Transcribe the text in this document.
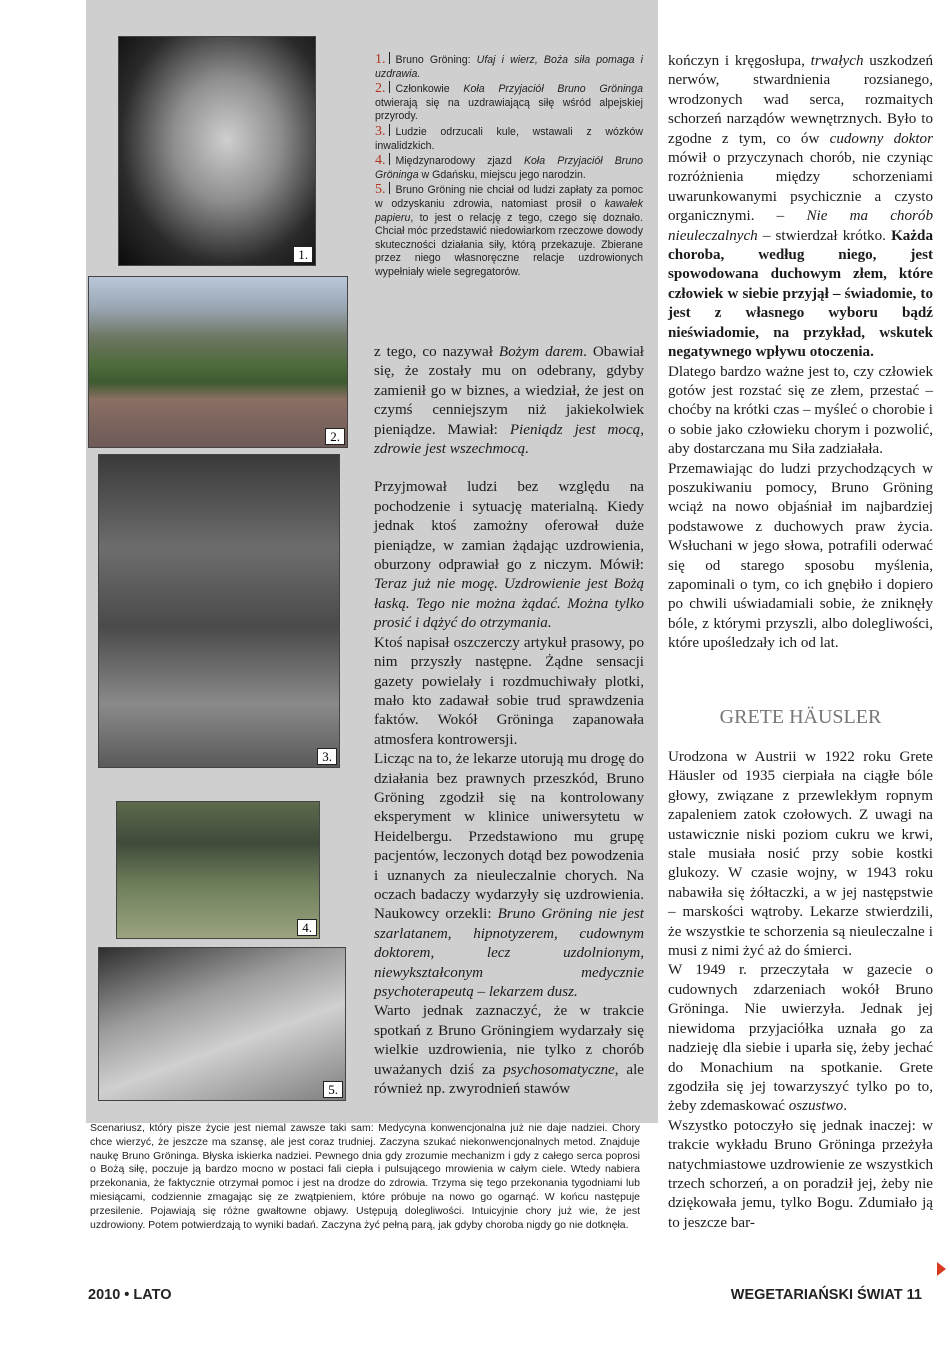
1.
2.
3.
4.
5.

1. Bruno Gröning: Ufaj i wierz, Boża siła pomaga i uzdrawia.

2. Członkowie Koła Przyjaciół Bruno Gröninga otwierają się na uzdrawiającą siłę wśród alpejskiej przyrody.

3. Ludzie odrzucali kule, wstawali z wózków inwalidzkich.

4. Międzynarodowy zjazd Koła Przyjaciół Bruno Gröninga w Gdańsku, miejscu jego narodzin.

5. Bruno Gröning nie chciał od ludzi zapłaty za pomoc w odzyskaniu zdrowia, natomiast prosił o kawałek papieru, to jest o relację z tego, czego się doznało. Chciał móc przedstawić niedowiarkom rzeczowe dowody skuteczności działania siły, którą przekazuje. Zbierane przez niego własnoręczne relacje uzdrowionych wypełniały wiele segregatorów.

z tego, co nazywał Bożym darem. Obawiał się, że zostały mu on odebrany, gdyby zamienił go w biznes, a wiedział, że jest on czymś cenniejszym niż jakiekolwiek pieniądze. Mawiał: Pieniądz jest mocą, zdrowie jest wszechmocą.

Przyjmował ludzi bez względu na pochodzenie i sytuację materialną. Kiedy jednak ktoś zamożny oferował duże pieniądze, w zamian żądając uzdrowienia, oburzony odprawiał go z niczym. Mówił: Teraz już nie mogę. Uzdrowienie jest Bożą łaską. Tego nie można żądać. Można tylko prosić i dążyć do otrzymania.

Ktoś napisał oszczerczy artykuł prasowy, po nim przyszły następne. Żądne sensacji gazety powielały i rozdmuchiwały plotki, mało kto zadawał sobie trud sprawdzenia faktów. Wokół Gröninga zapanowała atmosfera kontrowersji.

Licząc na to, że lekarze utorują mu drogę do działania bez prawnych przeszkód, Bruno Gröning zgodził się na kontrolowany eksperyment w klinice uniwersytetu w Heidelbergu. Przedstawiono mu grupę pacjentów, leczonych dotąd bez powodzenia i uznanych za nieuleczalnie chorych. Na oczach badaczy wydarzyły się uzdrowienia. Naukowcy orzekli: Bruno Gröning nie jest szarlatanem, hipnotyzerem, cudownym doktorem, lecz uzdolnionym, niewykształconym medycznie psychoterapeutą – lekarzem dusz.

Warto jednak zaznaczyć, że w trakcie spotkań z Bruno Gröningiem wydarzały się wielkie uzdrowienia, nie tylko z chorób uważanych dziś za psychosomatyczne, ale również np. zwyrodnień stawów

kończyn i kręgosłupa, trwałych uszkodzeń nerwów, stwardnienia rozsianego, wrodzonych wad serca, rozmaitych schorzeń narządów wewnętrznych. Było to zgodne z tym, co ów cudowny doktor mówił o przyczynach chorób, nie czyniąc rozróżnienia między schorzeniami uwarunkowanymi psychicznie a czysto organicznymi. – Nie ma chorób nieuleczalnych – stwierdzał krótko. Każda choroba, według niego, jest spowodowana duchowym złem, które człowiek w siebie przyjął – świadomie, to jest z własnego wyboru bądź nieświadomie, na przykład, wskutek negatywnego wpływu otoczenia.

Dlatego bardzo ważne jest to, czy człowiek gotów jest rozstać się ze złem, przestać – choćby na krótki czas – myśleć o chorobie i o sobie jako człowieku chorym i pozwolić, aby dostarczana mu Siła zadziałała.

Przemawiając do ludzi przychodzących w poszukiwaniu pomocy, Bruno Gröning wciąż na nowo objaśniał im najbardziej podstawowe z duchowych praw życia. Wsłuchani w jego słowa, potrafili oderwać się od starego sposobu myślenia, zapominali o tym, co ich gnębiło i dopiero po chwili uświadamiali sobie, że zniknęły bóle, z którymi przyszli, albo dolegliwości, które upośledzały ich od lat.

GRETE HÄUSLER

Urodzona w Austrii w 1922 roku Grete Häusler od 1935 cierpiała na ciągłe bóle głowy, związane z przewlekłym ropnym zapaleniem zatok czołowych. Z uwagi na ustawicznie niski poziom cukru we krwi, stale musiała nosić przy sobie kostki glukozy. W czasie wojny, w 1943 roku nabawiła się żółtaczki, a w jej następstwie – marskości wątroby. Lekarze stwierdzili, że wszystkie te schorzenia są nieuleczalne i musi z nimi żyć aż do śmierci.

W 1949 r. przeczytała w gazecie o cudownych zdarzeniach wokół Bruno Gröninga. Nie uwierzyła. Jednak jej niewidoma przyjaciółka uznała go za nadzieję dla siebie i uparła się, żeby jechać do Monachium na spotkanie. Grete zgodziła się jej towarzyszyć tylko po to, żeby zdemaskować oszustwo.

Wszystko potoczyło się jednak inaczej: w trakcie wykładu Bruno Gröninga przeżyła natychmiastowe uzdrowienie ze wszystkich trzech schorzeń, a on poradził jej, żeby nie dziękowała jemu, tylko Bogu. Zdumiało ją to jeszcze bar-

Scenariusz, który pisze życie jest niemal zawsze taki sam: Medycyna konwencjonalna już nie daje nadziei. Chory chce wierzyć, że jeszcze ma szansę, ale jest coraz trudniej. Zaczyna szukać niekonwencjonalnych metod. Znajduje naukę Bruno Gröninga. Błyska iskierka nadziei. Pewnego dnia gdy zrozumie mechanizm i gdy z całego serca poprosi o Bożą siłę, poczuje ją bardzo mocno w postaci fali ciepła i pulsującego mrowienia w całym ciele. Wtedy nabiera przekonania, że faktycznie otrzymał pomoc i jest na drodze do zdrowia. Trzyma się tego przekonania tygodniami lub miesiącami, codziennie zmagając się ze zwątpieniem, które próbuje na nowo go ogarnąć. W końcu następuje przesilenie. Pojawiają się różne gwałtowne objawy. Ustępują dolegliwości. Intuicyjnie chory już wie, że jest uzdrowiony. Potem potwierdzają to wyniki badań. Zaczyna żyć pełną parą, jak gdyby choroba nigdy go nie dotknęła.

2010 • LATO	WEGETARIAŃSKI ŚWIAT 11
